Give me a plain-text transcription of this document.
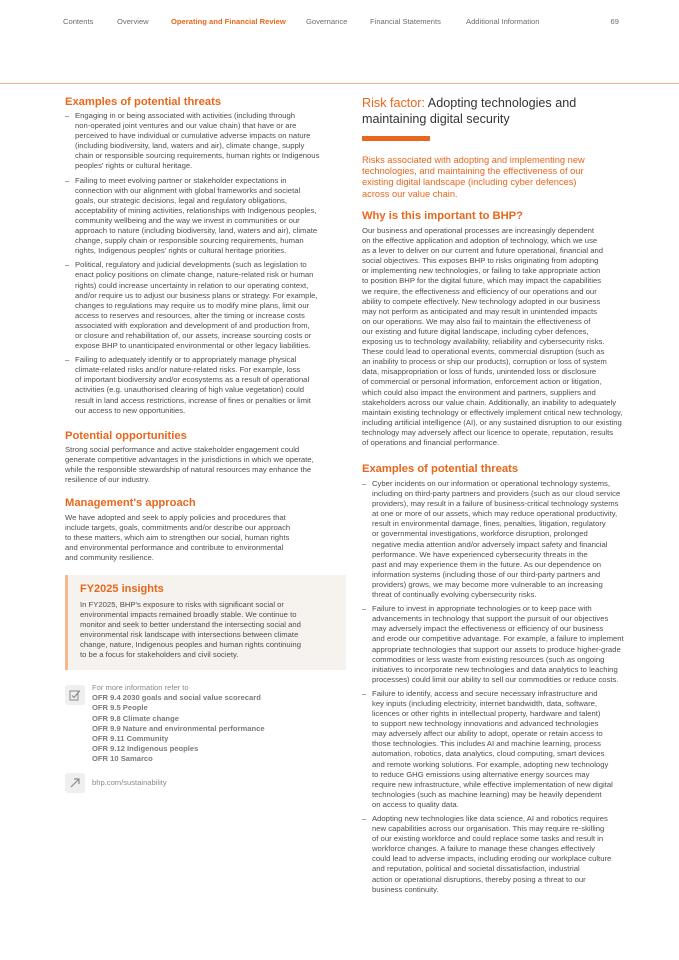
Contents	Overview	Operating and Financial Review	Governance	Financial Statements	Additional Information	69
Examples of potential threats
– Engaging in or being associated with activities (including through
non-operated joint ventures and our value chain) that have or are
perceived to have individual or cumulative adverse impacts on nature
(including biodiversity, land, waters and air), climate change, supply
chain or responsible sourcing requirements, human rights or Indigenous
peoples' rights or cultural heritage.
– Failing to meet evolving partner or stakeholder expectations in
connection with our alignment with global frameworks and societal
goals, our strategic decisions, legal and regulatory obligations,
acceptability of mining activities, relationships with Indigenous peoples,
community wellbeing and the way we invest in communities or our
approach to nature (including biodiversity, land, waters and air), climate
change, supply chain or responsible sourcing requirements, human
rights, Indigenous peoples' rights or cultural heritage priorities.
– Political, regulatory and judicial developments (such as legislation to
enact policy positions on climate change, nature-related risk or human
rights) could increase uncertainty in relation to our operating context,
and/or require us to adjust our business plans or strategy. For example,
changes to regulations may require us to modify mine plans, limit our
access to reserves and resources, alter the timing or increase costs
associated with exploration and development of and production from,
or closure and rehabilitation of, our assets, increase sourcing costs or
expose BHP to unanticipated environmental or other legacy liabilities.
– Failing to adequately identify or to appropriately manage physical
climate-related risks and/or nature-related risks. For example, loss
of important biodiversity and/or ecosystems as a result of operational
activities (e.g. unauthorised clearing of high value vegetation) could
result in land access restrictions, increase of fines or penalties or limit
our access to new opportunities.
Potential opportunities
Strong social performance and active stakeholder engagement could
generate competitive advantages in the jurisdictions in which we operate,
while the responsible stewardship of natural resources may enhance the
resilience of our industry.
Management's approach
We have adopted and seek to apply policies and procedures that
include targets, goals, commitments and/or describe our approach
to these matters, which aim to strengthen our social, human rights
and environmental performance and contribute to environmental
and community resilience.
FY2025 insights
In FY2025, BHP's exposure to risks with significant social or
environmental impacts remained broadly stable. We continue to
monitor and seek to better understand the intersecting social and
environmental risk landscape with intersections between climate
change, nature, Indigenous peoples and human rights continuing
to be a focus for stakeholders and civil society.
For more information refer to
OFR 9.4 2030 goals and social value scorecard
OFR 9.5 People
OFR 9.8 Climate change
OFR 9.9 Nature and environmental performance
OFR 9.11 Community
OFR 9.12 Indigenous peoples
OFR 10 Samarco
bhp.com/sustainability
Risk factor: Adopting technologies and maintaining digital security
Risks associated with adopting and implementing new
technologies, and maintaining the effectiveness of our
existing digital landscape (including cyber defences)
across our value chain.
Why is this important to BHP?
Our business and operational processes are increasingly dependent
on the effective application and adoption of technology, which we use
as a lever to deliver on our current and future operational, financial and
social objectives. This exposes BHP to risks originating from adopting
or implementing new technologies, or failing to take appropriate action
to position BHP for the digital future, which may impact the capabilities
we require, the effectiveness and efficiency of our operations and our
ability to compete effectively. New technology adopted in our business
may not perform as anticipated and may result in unintended impacts
on our operations. We may also fail to maintain the effectiveness of
our existing and future digital landscape, including cyber defences,
exposing us to technology availability, reliability and cybersecurity risks.
These could lead to operational events, commercial disruption (such as
an inability to process or ship our products), corruption or loss of system
data, misappropriation or loss of funds, unintended loss or disclosure
of commercial or personal information, enforcement action or litigation,
which could also impact the environment and partners, suppliers and
stakeholders across our value chain. Additionally, an inability to adequately
maintain existing technology or effectively implement critical new technology,
including artificial intelligence (AI), or any sustained disruption to our existing
technology may adversely affect our licence to operate, reputation, results
of operations and financial performance.
Examples of potential threats
– Cyber incidents on our information or operational technology systems,
including on third-party partners and providers (such as our cloud service
providers), may result in a failure of business-critical technology systems
at one or more of our assets, which may reduce operational productivity,
result in environmental damage, fines, penalties, litigation, regulatory
or governmental investigations, workforce disruption, prolonged
negative media attention and/or adversely impact safety and financial
performance. We have experienced cybersecurity threats in the
past and may experience them in the future. As our dependence on
information systems (including those of our third-party partners and
providers) grows, we may become more vulnerable to an increasing
threat of continually evolving cybersecurity risks.
– Failure to invest in appropriate technologies or to keep pace with
advancements in technology that support the pursuit of our objectives
may adversely impact the effectiveness or efficiency of our business
and erode our competitive advantage. For example, a failure to implement
appropriate technologies that support our assets to produce higher-grade
commodities or less waste from existing resources (such as ongoing
initiatives to incorporate new technologies and data analytics to leaching
processes) could limit our ability to sell our commodities or reduce costs.
– Failure to identify, access and secure necessary infrastructure and
key inputs (including electricity, internet bandwidth, data, software,
licences or other rights in intellectual property, hardware and talent)
to support new technology innovations and advanced technologies
may adversely affect our ability to adopt, operate or retain access to
those technologies. This includes AI and machine learning, process
automation, robotics, data analytics, cloud computing, smart devices
and remote working solutions. For example, adopting new technology
to reduce GHG emissions using alternative energy sources may
require new infrastructure, while effective implementation of new digital
technologies (such as machine learning) may be heavily dependent
on access to quality data.
– Adopting new technologies like data science, AI and robotics requires
new capabilities across our organisation. This may require re-skilling
of our existing workforce and could replace some tasks and result in
workforce changes. A failure to manage these changes effectively
could lead to adverse impacts, including eroding our workplace culture
and reputation, political and societal dissatisfaction, industrial
action or operational disruptions, thereby posing a threat to our
business continuity.
